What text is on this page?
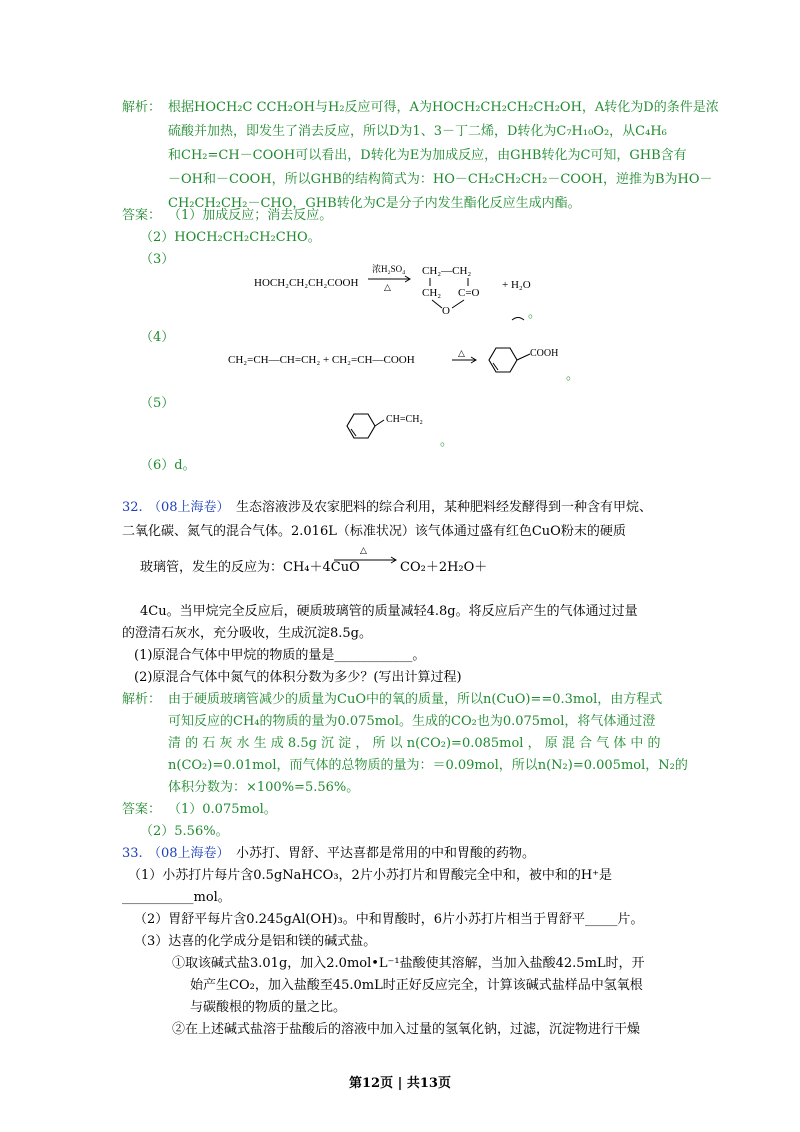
解析： 根据HOCH₂C CCH₂OH与H₂反应可得，A为HOCH₂CH₂CH₂CH₂OH，A转化为D的条件是浓
硫酸并加热，即发生了消去反应，所以D为1、3－丁二烯，D转化为C₇H₁₀O₂，从C₄H₆
和CH₂=CH－COOH可以看出，D转化为E为加成反应，由GHB转化为C可知，GHB含有
－OH和－COOH，所以GHB的结构简式为：HO－CH₂CH₂CH₂－COOH，逆推为B为HO－
CH₂CH₂CH₂－CHO，GHB转化为C是分子内发生酯化反应生成内酯。
答案： （1）加成反应；消去反应。
（2）HOCH₂CH₂CH₂CHO。
（3）
HOCH₂CH₂CH₂COOH
浓H₂SO₄
△
CH₂—CH₂
CH₂ C=O
O
+ H₂O
。
（4）
CH₂=CH—CH=CH₂ + CH₂=CH—COOH
△	COOH
。
（5）
CH=CH₂
。
（6）d。
32. （08上海卷） 生态溶液涉及农家肥料的综合利用，某种肥料经发酵得到一种含有甲烷、
二氧化碳、氮气的混合气体。2.016L（标准状况）该气体通过盛有红色CuO粉末的硬质
玻璃管，发生的反应为：CH₄＋4CuO
△
CO₂＋2H₂O＋
4Cu。当甲烷完全反应后，硬质玻璃管的质量减轻4.8g。将反应后产生的气体通过过量
的澄清石灰水，充分吸收，生成沉淀8.5g。
(1)原混合气体中甲烷的物质的量是____________。
(2)原混合气体中氮气的体积分数为多少？(写出计算过程)
解析： 由于硬质玻璃管减少的质量为CuO中的氧的质量，所以n(CuO)==0.3mol，由方程式
可知反应的CH₄的物质的量为0.075mol。生成的CO₂也为0.075mol，将气体通过澄
清 的 石 灰 水 生 成 8.5g 沉 淀 ， 所 以 n(CO₂)=0.085mol ， 原 混 合 气 体 中 的
n(CO₂)=0.01mol，而气体的总物质的量为：＝0.09mol，所以n(N₂)=0.005mol，N₂的
体积分数为：×100%=5.56%。
答案： （1）0.075mol。
（2）5.56%。
33. （08上海卷） 小苏打、胃舒、平达喜都是常用的中和胃酸的药物。
（1）小苏打片每片含0.5gNaHCO₃，2片小苏打片和胃酸完全中和，被中和的H⁺是
___________mol。
（2）胃舒平每片含0.245gAl(OH)₃。中和胃酸时，6片小苏打片相当于胃舒平_____片。
（3）达喜的化学成分是铝和镁的碱式盐。
①取该碱式盐3.01g，加入2.0mol•L⁻¹盐酸使其溶解，当加入盐酸42.5mL时，开
始产生CO₂，加入盐酸至45.0mL时正好反应完全，计算该碱式盐样品中氢氧根
与碳酸根的物质的量之比。
②在上述碱式盐溶于盐酸后的溶液中加入过量的氢氧化钠，过滤，沉淀物进行干燥
第12页 | 共13页
